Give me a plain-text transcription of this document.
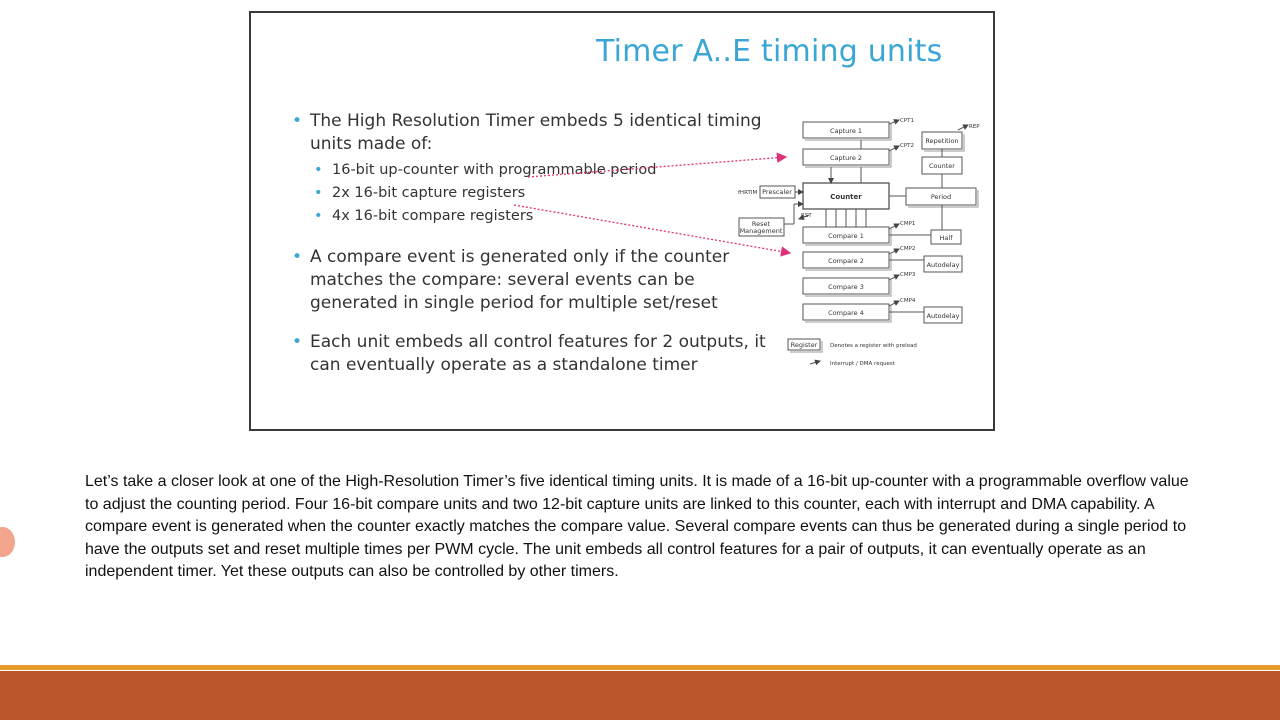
Timer A..E timing units
• The High Resolution Timer embeds 5 identical timing units made of:
• 16-bit up-counter with programmable period
• 2x 16-bit capture registers
• 4x 16-bit compare registers
• A compare event is generated only if the counter matches the compare: several events can be generated in single period for multiple set/reset
• Each unit embeds all control features for 2 outputs, it can eventually operate as a standalone timer
Capture 1
Capture 2
Repetition
Counter
Prescaler
Counter	Period
Reset
Management
Compare 1	Half
Compare 2	Autodelay
Compare 3
Compare 4	Autodelay
Register
fHRTIM
RST
CPT1
CPT2
REP
CMP1
CMP2
CMP3
CMP4
Denotes a register with preload
Interrupt / DMA request

Let’s take a closer look at one of the High-Resolution Timer’s five identical timing units. It is made of a 16-bit up-counter with a programmable overflow value to adjust the counting period. Four 16-bit compare units and two 12-bit capture units are linked to this counter, each with interrupt and DMA capability. A compare event is generated when the counter exactly matches the compare value. Several compare events can thus be generated during a single period to have the outputs set and reset multiple times per PWM cycle. The unit embeds all control features for a pair of outputs, it can eventually operate as an independent timer. Yet these outputs can also be controlled by other timers.
